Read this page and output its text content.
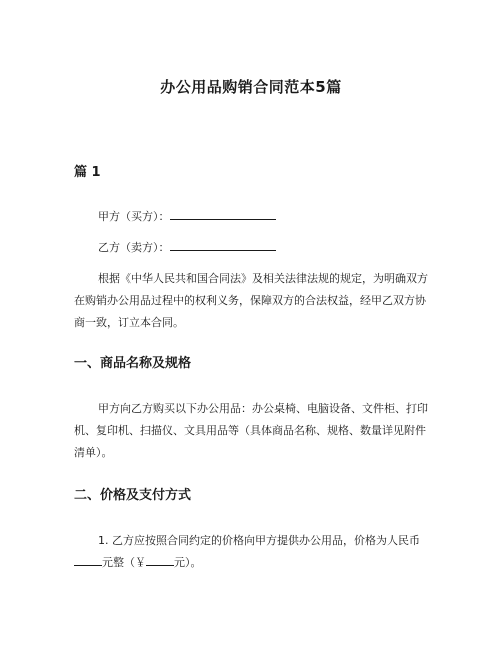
办公用品购销合同范本5篇
篇 1

甲方（买方）：

乙方（卖方）：

根据《中华人民共和国合同法》及相关法律法规的规定，为明确双方在购销办公用品过程中的权利义务，保障双方的合法权益，经甲乙双方协商一致，订立本合同。

一、商品名称及规格

甲方向乙方购买以下办公用品：办公桌椅、电脑设备、文件柜、打印机、复印机、扫描仪、文具用品等（具体商品名称、规格、数量详见附件清单）。

二、价格及支付方式

1. 乙方应按照合同约定的价格向甲方提供办公用品，价格为人民币元整（￥	元）。
